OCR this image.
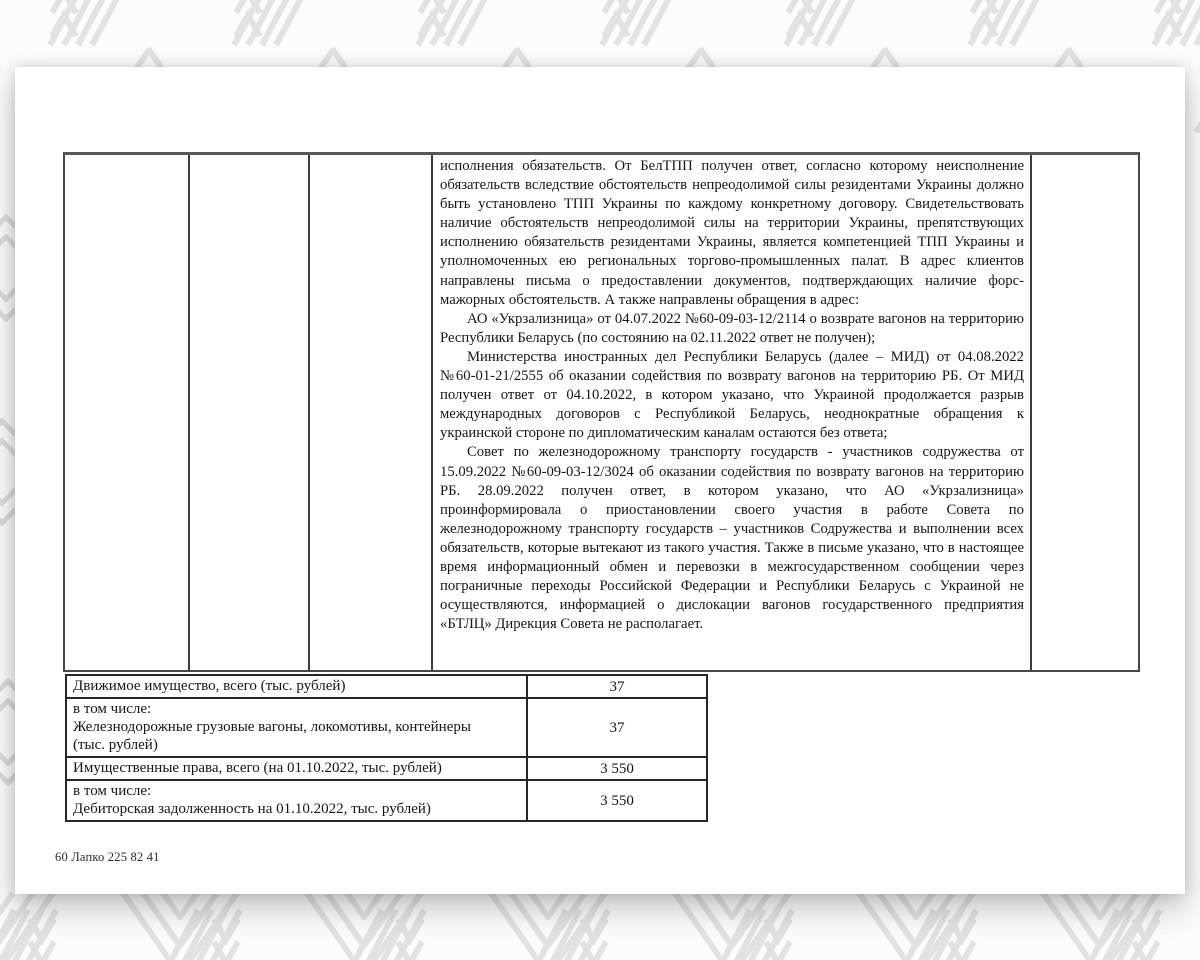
исполнения обязательств. От БелТПП получен ответ, согласно которому неисполнение обязательств вследствие обстоятельств непреодолимой силы резидентами Украины должно быть установлено ТПП Украины по каждому конкретному договору. Свидетельствовать наличие обстоятельств непреодолимой силы на территории Украины, препятствующих исполнению обязательств резидентами Украины, является компетенцией ТПП Украины и уполномоченных ею региональных торгово-промышленных палат. В адрес клиентов направлены письма о предоставлении документов, подтверждающих наличие форс-мажорных обстоятельств. А также направлены обращения в адрес:

АО «Укрзализница» от 04.07.2022 №60-09-03-12/2114 о возврате вагонов на территорию Республики Беларусь (по состоянию на 02.11.2022 ответ не получен);

Министерства иностранных дел Республики Беларусь (далее – МИД) от 04.08.2022 №60-01-21/2555 об оказании содействия по возврату вагонов на территорию РБ. От МИД получен ответ от 04.10.2022, в котором указано, что Украиной продолжается разрыв международных договоров с Республикой Беларусь, неоднократные обращения к украинской стороне по дипломатическим каналам остаются без ответа;

Совет по железнодорожному транспорту государств - участников содружества от 15.09.2022 №60-09-03-12/3024 об оказании содействия по возврату вагонов на территорию РБ. 28.09.2022 получен ответ, в котором указано, что АО «Укрзализница» проинформировала о приостановлении своего участия в работе Совета по железнодорожному транспорту государств – участников Содружества и выполнении всех обязательств, которые вытекают из такого участия. Также в письме указано, что в настоящее время информационный обмен и перевозки в межгосударственном сообщении через пограничные переходы Российской Федерации и Республики Беларусь с Украиной не осуществляются, информацией о дислокации вагонов государственного предприятия «БТЛЦ» Дирекция Совета не располагает.

Движимое имущество, всего (тыс. рублей)	37
в том числе:
Железнодорожные грузовые вагоны, локомотивы, контейнеры
(тыс. рублей)
37
Имущественные права, всего (на 01.10.2022, тыс. рублей)	3 550
в том числе:
Дебиторская задолженность на 01.10.2022, тыс. рублей)
3 550
60 Лапко 225 82 41
